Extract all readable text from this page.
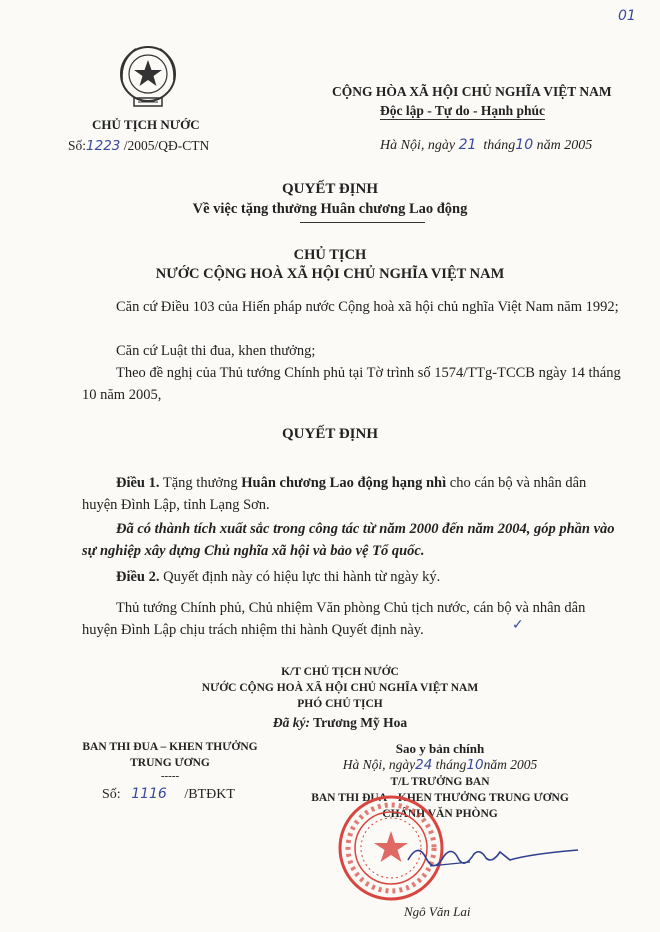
01
CHỦ TỊCH NƯỚC
Số:1223 /2005/QĐ-CTN
CỘNG HÒA XÃ HỘI CHỦ NGHĨA VIỆT NAM
Độc lập - Tự do - Hạnh phúc
Hà Nội, ngày 21 tháng10 năm 2005
QUYẾT ĐỊNH
Về việc tặng thưởng Huân chương Lao động
CHỦ TỊCH
NƯỚC CỘNG HOÀ XÃ HỘI CHỦ NGHĨA VIỆT NAM
Căn cứ Điều 103 của Hiến pháp nước Cộng hoà xã hội chủ nghĩa Việt Nam năm 1992;
Căn cứ Luật thi đua, khen thưởng;
Theo đề nghị của Thủ tướng Chính phủ tại Tờ trình số 1574/TTg-TCCB ngày 14 tháng 10 năm 2005,
QUYẾT ĐỊNH
Điều 1. Tặng thưởng Huân chương Lao động hạng nhì cho cán bộ và nhân dân huyện Đình Lập, tỉnh Lạng Sơn.
Đã có thành tích xuất sắc trong công tác từ năm 2000 đến năm 2004, góp phần vào sự nghiệp xây dựng Chủ nghĩa xã hội và bảo vệ Tổ quốc.
Điều 2. Quyết định này có hiệu lực thi hành từ ngày ký.
Thủ tướng Chính phủ, Chủ nhiệm Văn phòng Chủ tịch nước, cán bộ và nhân dân huyện Đình Lập chịu trách nhiệm thi hành Quyết định này.	✓
K/T CHỦ TỊCH NƯỚC
NƯỚC CỘNG HOÀ XÃ HỘI CHỦ NGHĨA VIỆT NAM
PHÓ CHỦ TỊCH
Đã ký: Trương Mỹ Hoa
BAN THI ĐUA – KHEN THƯỞNG
TRUNG ƯƠNG
-----
Số: 1116 /BTĐKT
Sao y bản chính
Hà Nội, ngày24 tháng10năm 2005
T/L TRƯỞNG BAN
BAN THI ĐUA – KHEN THƯỞNG TRUNG ƯƠNG
CHÁNH VĂN PHÒNG
Ngô Văn Lai
